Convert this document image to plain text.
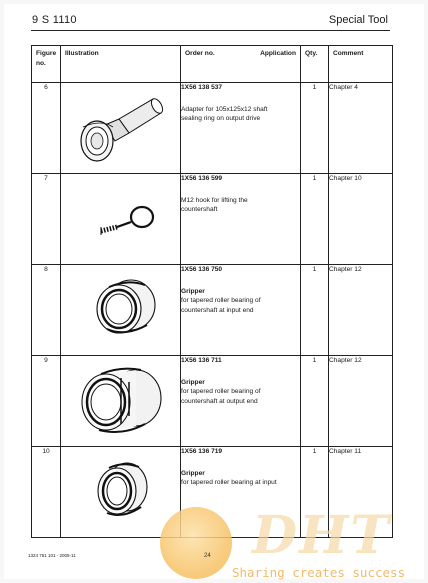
9 S 1110	Special Tool
Figure no.	Illustration	Order no. Application	Qty.	Comment
6		1X56 138 537
Adapter for 105x125x12 shaft
sealing ring on output drive	1	Chapter 4
7		1X56 136 599
M12 hook for lifting the
countershaft	1	Chapter 10
8		1X56 136 750
Gripper
for tapered roller bearing of
countershaft at input end	1	Chapter 12
9		1X56 136 711
Gripper
for tapered roller bearing of
countershaft at output end	1	Chapter 12
10		1X56 136 719
Gripper
for tapered roller bearing at input	1	Chapter 11
1324 751 101 - 2005-11	24 DHT
Sharing creates success
